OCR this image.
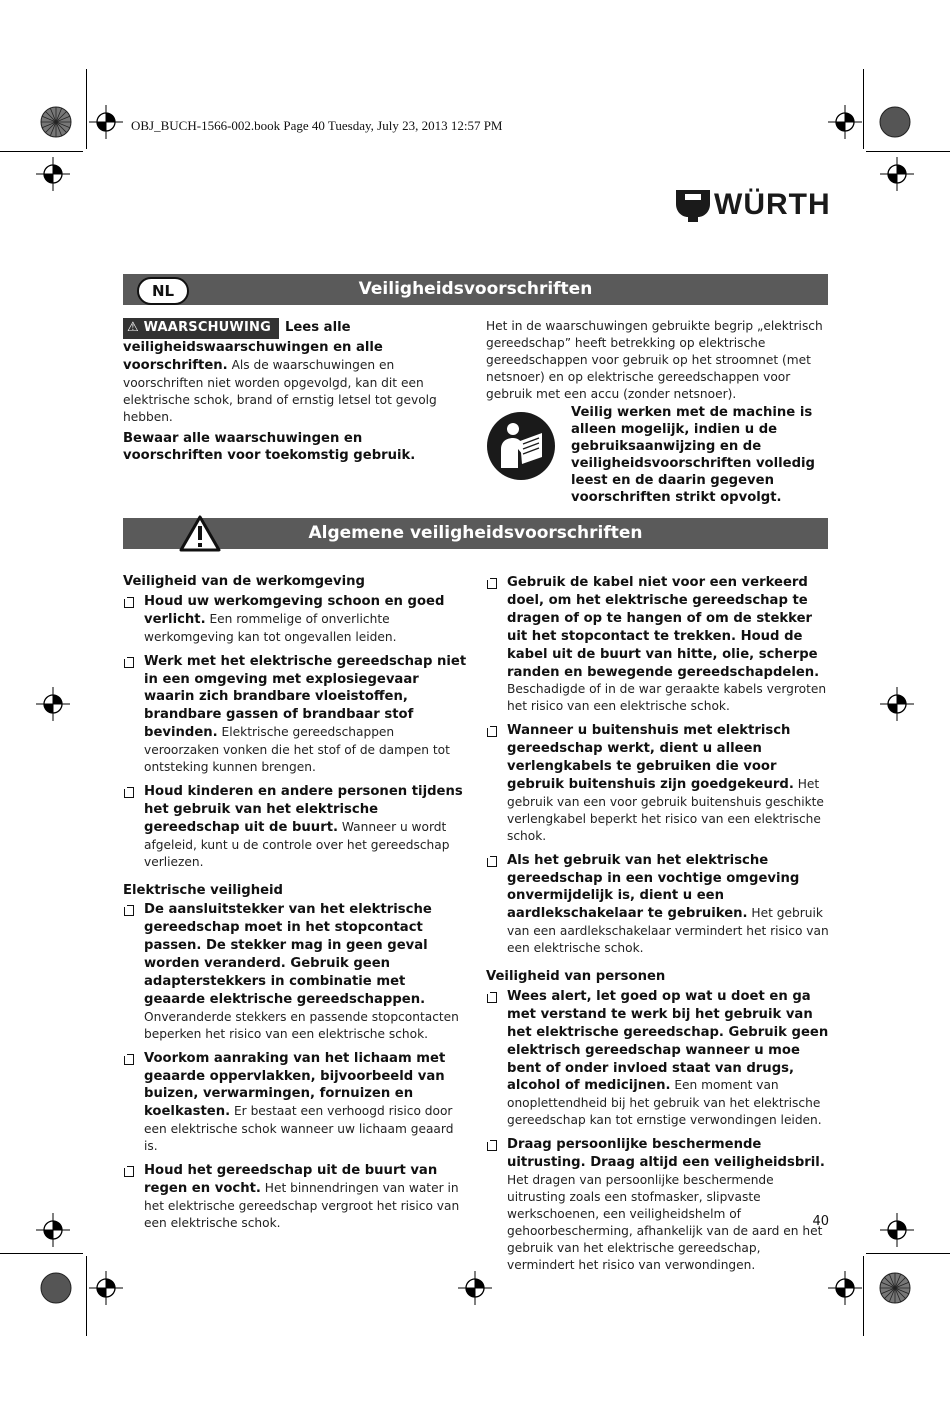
OBJ_BUCH-1566-002.book Page 40 Tuesday, July 23, 2013 12:57 PM
WÜRTH
NL	Veiligheidsvoorschriften

⚠ WAARSCHUWING Lees alle veiligheidswaarschuwingen en alle voorschriften. Als de waarschuwingen en voorschriften niet worden opgevolgd, kan dit een elektrische schok, brand of ernstig letsel tot gevolg hebben.

Bewaar alle waarschuwingen en voorschriften voor toekomstig gebruik.

Het in de waarschuwingen gebruikte begrip „elektrisch gereedschap” heeft betrekking op elektrische gereedschappen voor gebruik op het stroomnet (met netsnoer) en op elektrische gereedschappen voor gebruik met een accu (zonder netsnoer).

Veilig werken met de machine is alleen mogelijk, indien u de gebruiksaanwijzing en de veiligheidsvoorschriften volledig leest en de daarin gegeven voorschriften strikt opvolgt.

Algemene veiligheidsvoorschriften

Veiligheid van de werkomgeving

Houd uw werkomgeving schoon en goed verlicht. Een rommelige of onverlichte werkomgeving kan tot ongevallen leiden.
Werk met het elektrische gereedschap niet in een omgeving met explosiegevaar waarin zich brandbare vloeistoffen, brandbare gassen of brandbaar stof bevinden. Elektrische gereedschappen veroorzaken vonken die het stof of de dampen tot ontsteking kunnen brengen.
Houd kinderen en andere personen tijdens het gebruik van het elektrische gereedschap uit de buurt. Wanneer u wordt afgeleid, kunt u de controle over het gereedschap verliezen.

Elektrische veiligheid

De aansluitstekker van het elektrische gereedschap moet in het stopcontact passen. De stekker mag in geen geval worden veranderd. Gebruik geen adapterstekkers in combinatie met geaarde elektrische gereedschappen. Onveranderde stekkers en passende stopcontacten beperken het risico van een elektrische schok.
Voorkom aanraking van het lichaam met geaarde oppervlakken, bijvoorbeeld van buizen, verwarmingen, fornuizen en koelkasten. Er bestaat een verhoogd risico door een elektrische schok wanneer uw lichaam geaard is.
Houd het gereedschap uit de buurt van regen en vocht. Het binnendringen van water in het elektrische gereedschap vergroot het risico van een elektrische schok.
Gebruik de kabel niet voor een verkeerd doel, om het elektrische gereedschap te dragen of op te hangen of om de stekker uit het stopcontact te trekken. Houd de kabel uit de buurt van hitte, olie, scherpe randen en bewegende gereedschapdelen. Beschadigde of in de war geraakte kabels vergroten het risico van een elektrische schok.
Wanneer u buitenshuis met elektrisch gereedschap werkt, dient u alleen verlengkabels te gebruiken die voor gebruik buitenshuis zijn goedgekeurd. Het gebruik van een voor gebruik buitenshuis geschikte verlengkabel beperkt het risico van een elektrische schok.
Als het gebruik van het elektrische gereedschap in een vochtige omgeving onvermijdelijk is, dient u een aardlekschakelaar te gebruiken. Het gebruik van een aardlekschakelaar vermindert het risico van een elektrische schok.

Veiligheid van personen

Wees alert, let goed op wat u doet en ga met verstand te werk bij het gebruik van het elektrische gereedschap. Gebruik geen elektrisch gereedschap wanneer u moe bent of onder invloed staat van drugs, alcohol of medicijnen. Een moment van onoplettendheid bij het gebruik van het elektrische gereedschap kan tot ernstige verwondingen leiden.
Draag persoonlijke beschermende uitrusting. Draag altijd een veiligheidsbril. Het dragen van persoonlijke beschermende uitrusting zoals een stofmasker, slipvaste werkschoenen, een veiligheidshelm of gehoorbescherming, afhankelijk van de aard en het gebruik van het elektrische gereedschap, vermindert het risico van verwondingen.
40
